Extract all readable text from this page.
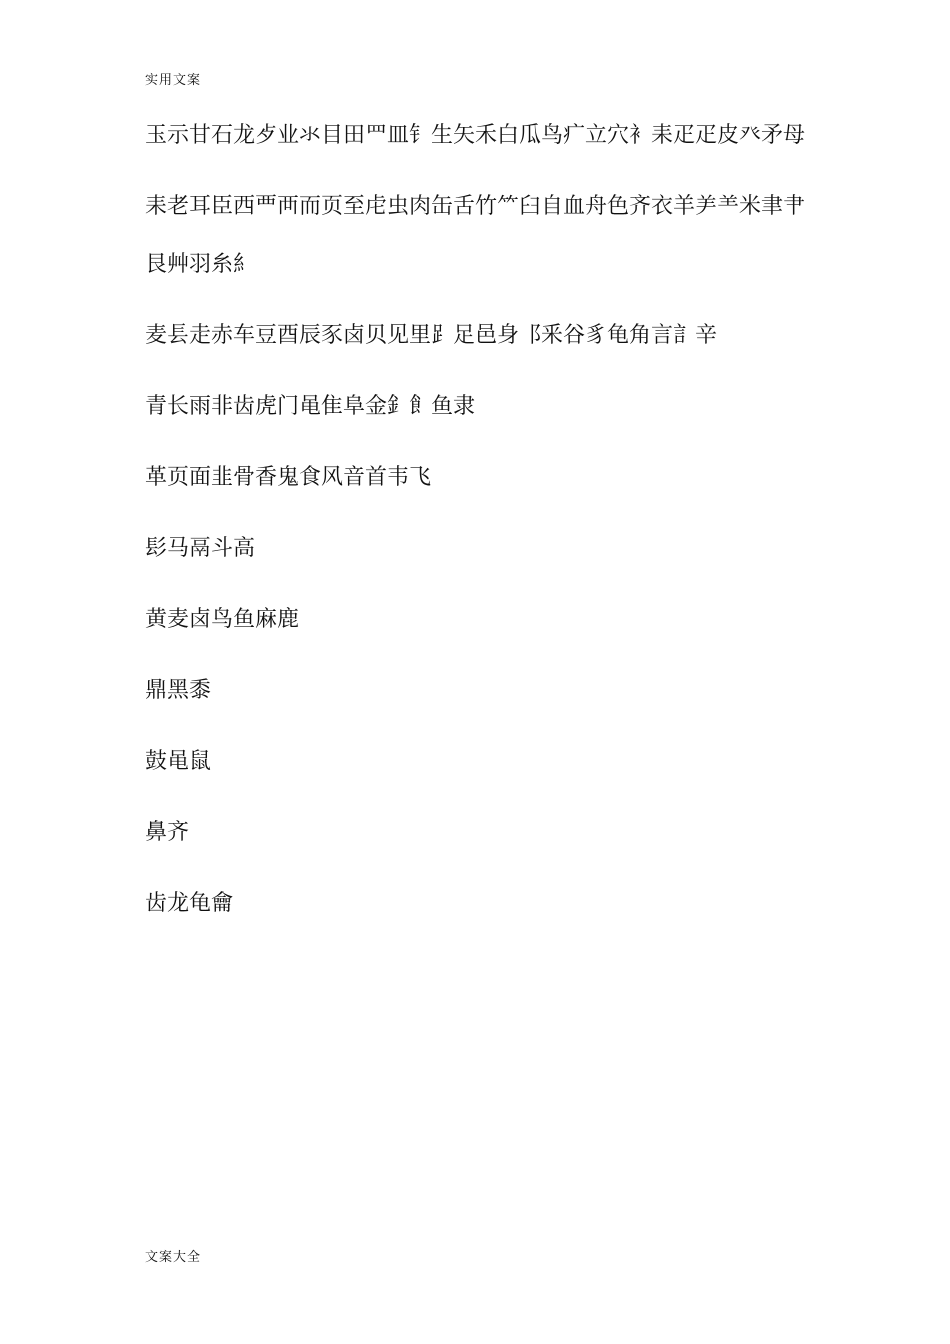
实用文案

玉示甘石龙歺业氺目田罒皿钅生矢禾白瓜鸟疒立穴衤耒疋疋皮癶矛母

耒老耳臣西覀襾而页至虍虫肉缶舌竹⺮臼自血舟色齐衣羊⺶⺷米聿⺺艮艸羽糸糹

麦镸走赤车豆酉辰豕卤贝见里⻊足邑身⻏釆谷豸龟角言訁辛

青长雨非齿虎门黾隹阜金釒飠鱼隶

革页面韭骨香鬼食风音首韦飞

髟马鬲斗高

黄麦卤鸟鱼麻鹿

鼎黑黍

鼓黾鼠

鼻齐

齿龙龟龠

文案大全
